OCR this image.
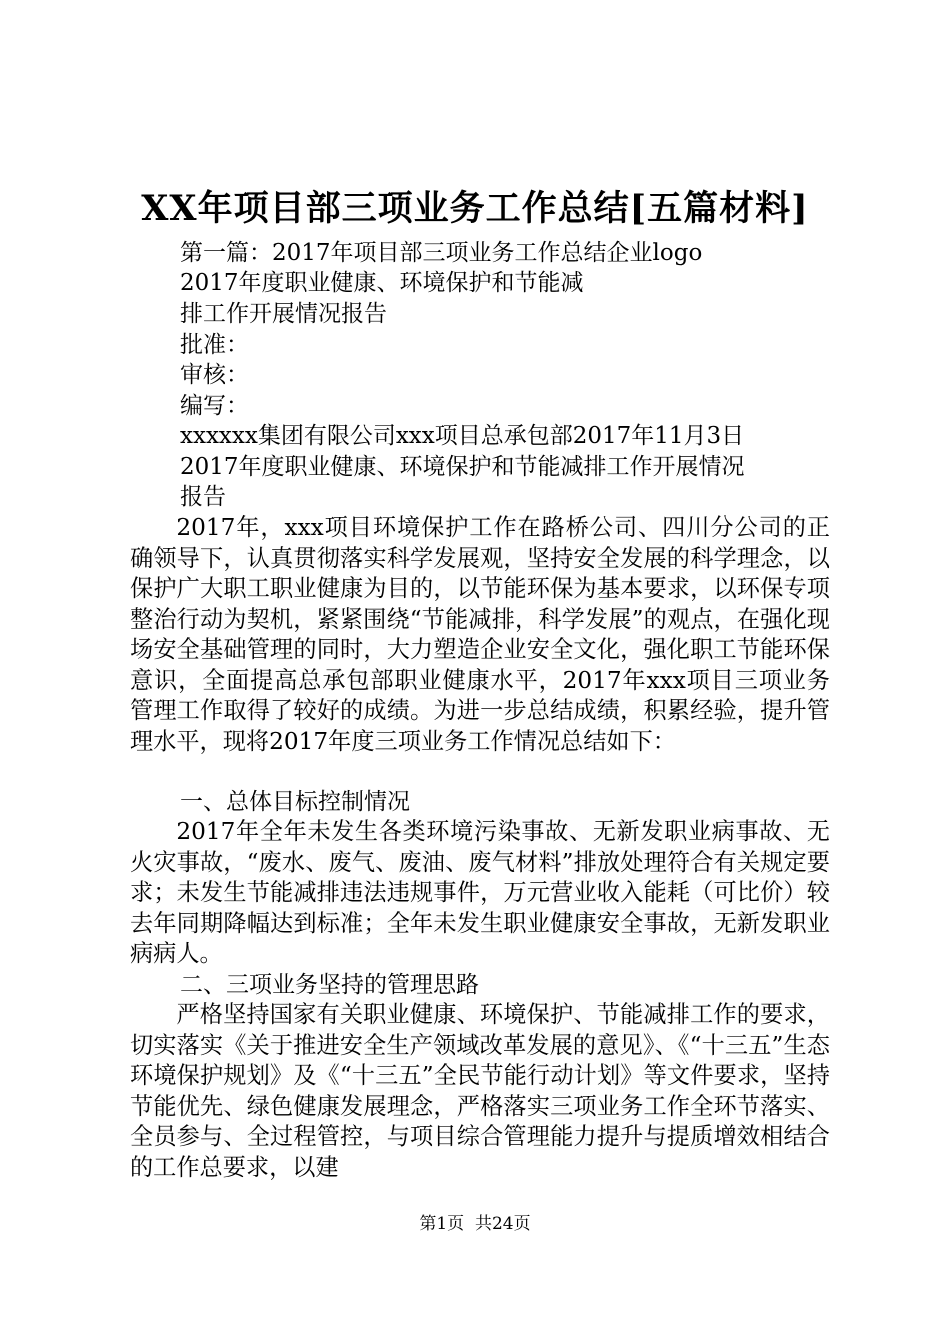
XX年项目部三项业务工作总结[五篇材料]
第一篇：2017年项目部三项业务工作总结企业logo
2017年度职业健康、环境保护和节能减
排工作开展情况报告
批准：
审核：
编写：
xxxxxx集团有限公司xxx项目总承包部2017年11月3日
2017年度职业健康、环境保护和节能减排工作开展情况
报告

2017年，xxx项目环境保护工作在路桥公司、四川分公司的正确领导下，认真贯彻落实科学发展观，坚持安全发展的科学理念，以保护广大职工职业健康为目的，以节能环保为基本要求，以环保专项整治行动为契机，紧紧围绕“节能减排，科学发展”的观点，在强化现场安全基础管理的同时，大力塑造企业安全文化，强化职工节能环保意识，全面提高总承包部职业健康水平，2017年xxx项目三项业务管理工作取得了较好的成绩。为进一步总结成绩，积累经验，提升管理水平，现将2017年度三项业务工作情况总结如下：

一、总体目标控制情况

2017年全年未发生各类环境污染事故、无新发职业病事故、无火灾事故，“废水、废气、废油、废气材料”排放处理符合有关规定要求；未发生节能减排违法违规事件，万元营业收入能耗（可比价）较去年同期降幅达到标准；全年未发生职业健康安全事故，无新发职业病病人。

二、三项业务坚持的管理思路

严格坚持国家有关职业健康、环境保护、节能减排工作的要求，切实落实《关于推进安全生产领域改革发展的意见》、《“十三五”生态环境保护规划》及《“十三五”全民节能行动计划》等文件要求，坚持节能优先、绿色健康发展理念，严格落实三项业务工作全环节落实、全员参与、全过程管控，与项目综合管理能力提升与提质增效相结合的工作总要求，以建

第1页  共24页
